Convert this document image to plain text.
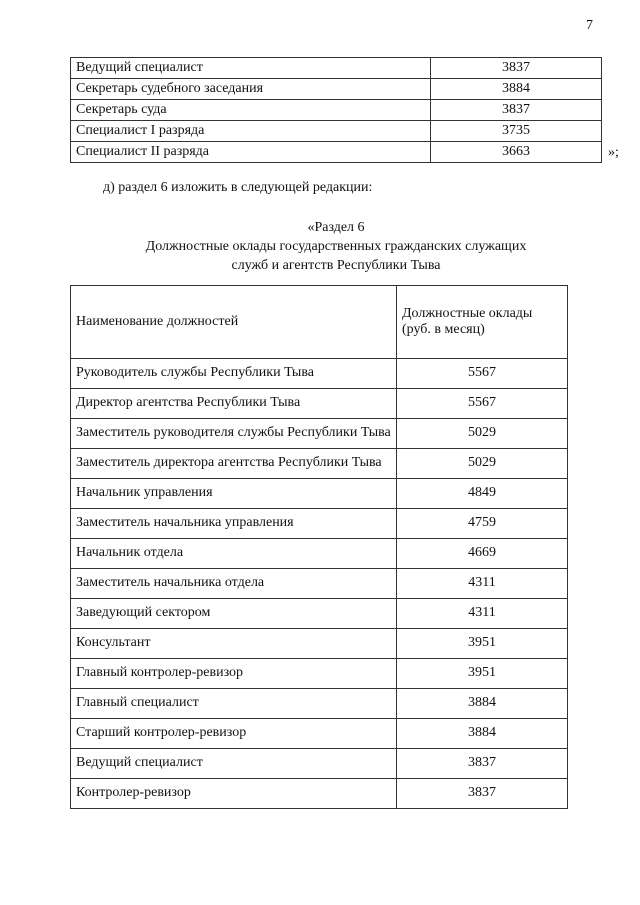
7
Ведущий специалист	3837
Секретарь судебного заседания	3884
Секретарь суда	3837
Специалист I разряда	3735
Специалист II разряда	3663	»;
д) раздел 6 изложить в следующей редакции:
«Раздел 6
Должностные оклады государственных гражданских служащих
служб и агентств Республики Тыва
Наименование должностей	Должностные оклады (руб. в месяц)
Руководитель службы Республики Тыва	5567
Директор агентства Республики Тыва	5567
Заместитель руководителя службы Республики Тыва	5029
Заместитель директора агентства Республики Тыва	5029
Начальник управления	4849
Заместитель начальника управления	4759
Начальник отдела	4669
Заместитель начальника отдела	4311
Заведующий сектором	4311
Консультант	3951
Главный контролер-ревизор	3951
Главный специалист	3884
Старший контролер-ревизор	3884
Ведущий специалист	3837
Контролер-ревизор	3837
